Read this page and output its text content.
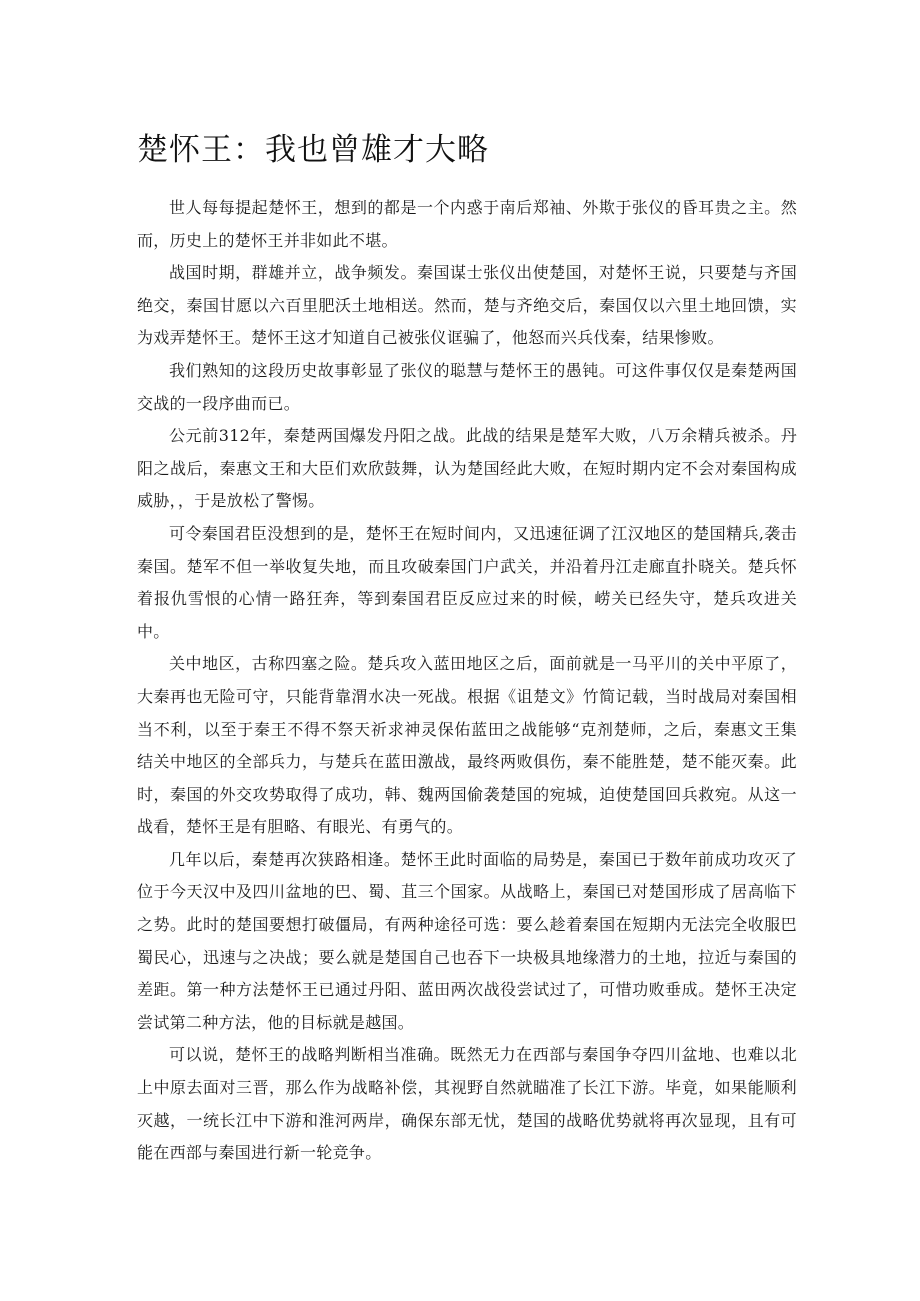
楚怀王：我也曾雄才大略

世人每每提起楚怀王，想到的都是一个内惑于南后郑袖、外欺于张仪的昏耳贵之主。然而，历史上的楚怀王并非如此不堪。

战国时期，群雄并立，战争频发。秦国谋士张仪出使楚国，对楚怀王说，只要楚与齐国绝交，秦国甘愿以六百里肥沃土地相送。然而，楚与齐绝交后，秦国仅以六里土地回馈，实为戏弄楚怀王。楚怀王这才知道自己被张仪诓骗了，他怒而兴兵伐秦，结果惨败。

我们熟知的这段历史故事彰显了张仪的聪慧与楚怀王的愚钝。可这件事仅仅是秦楚两国交战的一段序曲而已。

公元前312年，秦楚两国爆发丹阳之战。此战的结果是楚军大败，八万余精兵被杀。丹阳之战后，秦惠文王和大臣们欢欣鼓舞，认为楚国经此大败，在短时期内定不会对秦国构成威胁，，于是放松了警惕。

可令秦国君臣没想到的是，楚怀王在短时间内，又迅速征调了江汉地区的楚国精兵,袭击秦国。楚军不但一举收复失地，而且攻破秦国门户武关，并沿着丹江走廊直扑晓关。楚兵怀着报仇雪恨的心情一路狂奔，等到秦国君臣反应过来的时候，崂关已经失守，楚兵攻进关中。

关中地区，古称四塞之险。楚兵攻入蓝田地区之后，面前就是一马平川的关中平原了，大秦再也无险可守，只能背靠渭水决一死战。根据《诅楚文》竹简记载，当时战局对秦国相当不利，以至于秦王不得不祭天祈求神灵保佑蓝田之战能够“克剂楚师，之后，秦惠文王集结关中地区的全部兵力，与楚兵在蓝田激战，最终两败俱伤，秦不能胜楚，楚不能灭秦。此时，秦国的外交攻势取得了成功，韩、魏两国偷袭楚国的宛城，迫使楚国回兵救宛。从这一战看，楚怀王是有胆略、有眼光、有勇气的。

几年以后，秦楚再次狭路相逢。楚怀王此时面临的局势是，秦国已于数年前成功攻灭了位于今天汉中及四川盆地的巴、蜀、苴三个国家。从战略上，秦国已对楚国形成了居高临下之势。此时的楚国要想打破僵局，有两种途径可选：要么趁着秦国在短期内无法完全收服巴蜀民心，迅速与之决战；要么就是楚国自己也吞下一块极具地缘潜力的土地，拉近与秦国的差距。第一种方法楚怀王已通过丹阳、蓝田两次战役尝试过了，可惜功败垂成。楚怀王决定尝试第二种方法，他的目标就是越国。

可以说，楚怀王的战略判断相当准确。既然无力在西部与秦国争夺四川盆地、也难以北上中原去面对三晋，那么作为战略补偿，其视野自然就瞄准了长江下游。毕竟，如果能顺利灭越，一统长江中下游和淮河两岸，确保东部无忧，楚国的战略优势就将再次显现，且有可能在西部与秦国进行新一轮竞争。
